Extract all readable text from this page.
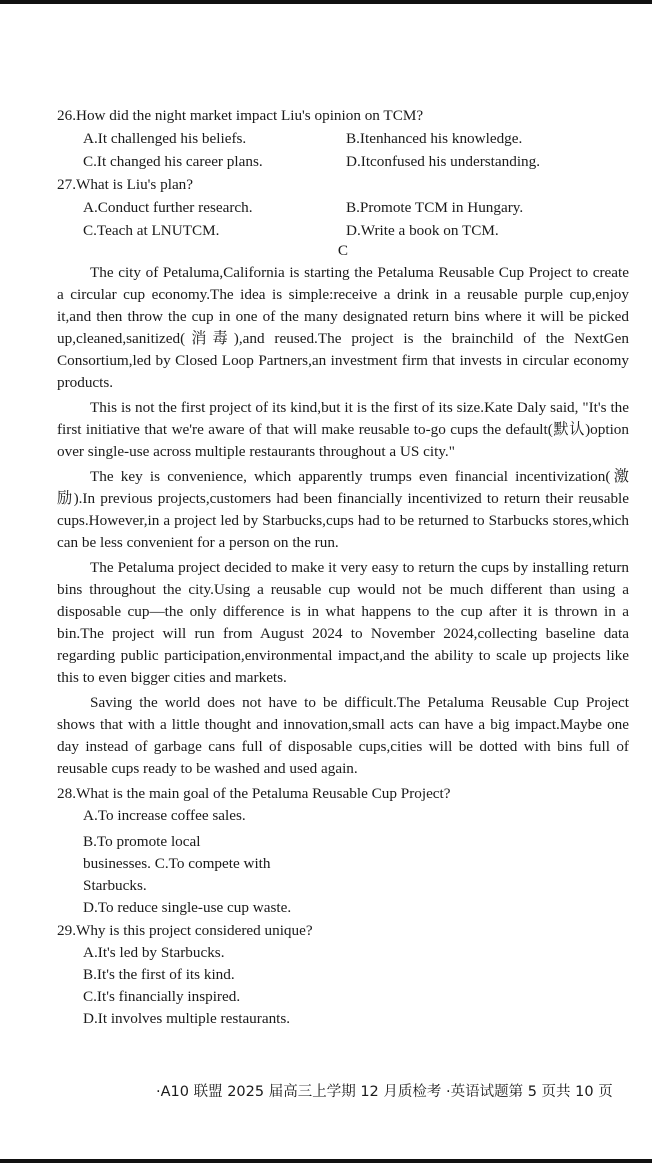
26.How did the night market impact Liu's opinion on TCM?
A.It challenged his beliefs.	B.Itenhanced his knowledge.
C.It changed his career plans.	D.Itconfused his understanding.
27.What is Liu's plan?
A.Conduct further research.	B.Promote TCM in Hungary.
C.Teach at LNUTCM.	D.Write a book on TCM.
C

The city of Petaluma,California is starting the Petaluma Reusable Cup Project to create a circular cup economy.The idea is simple:receive a drink in a reusable purple cup,enjoy it,and then throw the cup in one of the many designated return bins where it will be picked up,cleaned,sanitized(消毒),and reused.The project is the brainchild of the NextGen Consortium,led by Closed Loop Partners,an investment firm that invests in circular economy products.

This is not the first project of its kind,but it is the first of its size.Kate Daly said, "It's the first initiative that we're aware of that will make reusable to-go cups the default(默认)option over single-use across multiple restaurants throughout a US city."

The key is convenience, which apparently trumps even financial incentivization(激励).In previous projects,customers had been financially incentivized to return their reusable cups.However,in a project led by Starbucks,cups had to be returned to Starbucks stores,which can be less convenient for a person on the run.

The Petaluma project decided to make it very easy to return the cups by installing return bins throughout the city.Using a reusable cup would not be much different than using a disposable cup—the only difference is in what happens to the cup after it is thrown in a bin.The project will run from August 2024 to November 2024,collecting baseline data regarding public participation,environmental impact,and the ability to scale up projects like this to even bigger cities and markets.

Saving the world does not have to be difficult.The Petaluma Reusable Cup Project shows that with a little thought and innovation,small acts can have a big impact.Maybe one day instead of garbage cans full of disposable cups,cities will be dotted with bins full of reusable cups ready to be washed and used again.

28.What is the main goal of the Petaluma Reusable Cup Project?
A.To increase coffee sales.
B.To promote local
businesses. C.To compete with
Starbucks.
D.To reduce single-use cup waste.
29.Why is this project considered unique?
A.It's led by Starbucks.
B.It's the first of its kind.
C.It's financially inspired.
D.It involves multiple restaurants.
·A10 联盟 2025 届高三上学期 12 月质检考 ·英语试题第 5 页共 10 页
